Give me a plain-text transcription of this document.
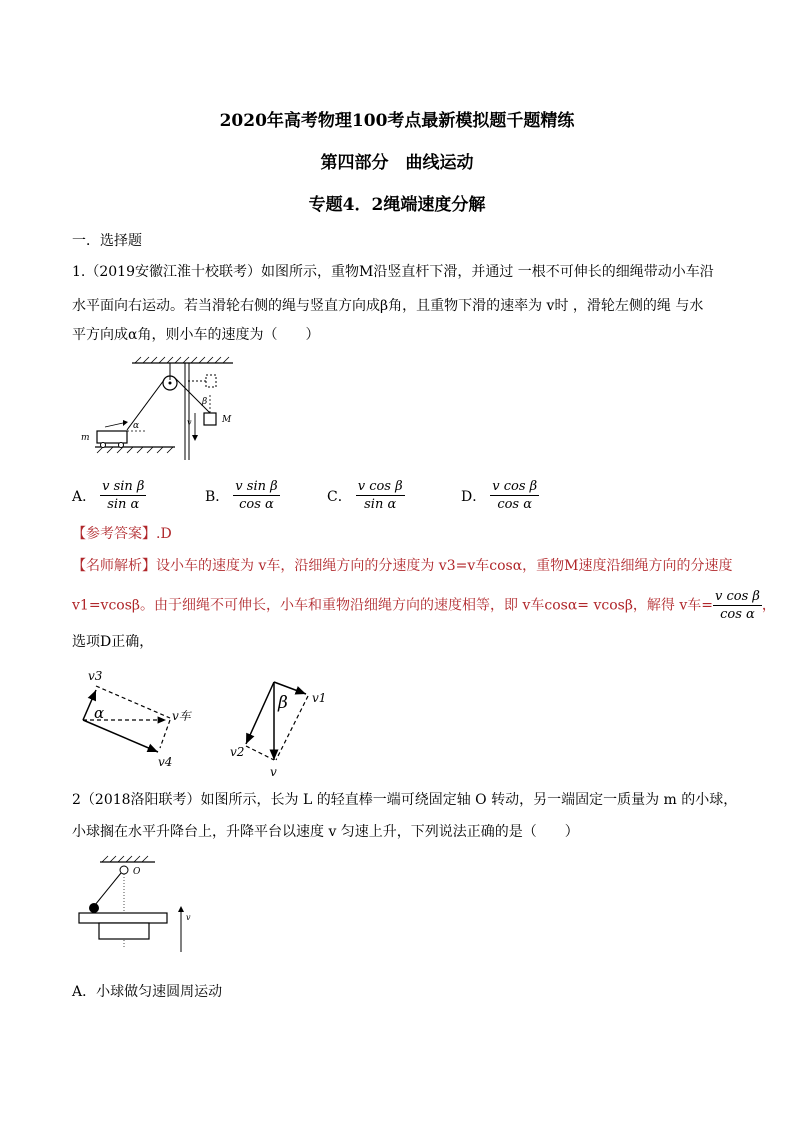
2020年高考物理100考点最新模拟题千题精练
第四部分　曲线运动
专题4．2绳端速度分解
一．选择题
1.（2019安徽江淮十校联考）如图所示，重物M沿竖直杆下滑，并通过 一根不可伸长的细绳带动小车沿
水平面向右运动。若当滑轮右侧的绳与竖直方向成β角，且重物下滑的速率为 v时 ，滑轮左侧的绳 与水
平方向成α角，则小车的速度为（　　）
β
M
v
α
m
A． $\frac{\text{v sin β}}{\text{sin α}}$	B． $\frac{\text{v sin β}}{\text{cos α}}$	C． $\frac{\text{v cos β}}{\text{sin α}}$	D． $\frac{\text{v cos β}}{\text{cos α}}$
【参考答案】.D
【名师解析】设小车的速度为 v车，沿细绳方向的分速度为 v3=v车cosα，重物M速度沿细绳方向的分速度
v1=vcosβ。由于细绳不可伸长，小车和重物沿细绳方向的速度相等，即 v车cosα= vcosβ，解得 v车= $\frac{\text{v cos β}}{\text{cos α}}$ ，
选项D正确，
v3
α	v车
v4
β v1
v2
v
2（2018洛阳联考）如图所示，长为 L 的轻直棒一端可绕固定轴 O 转动，另一端固定一质量为 m 的小球，
小球搁在水平升降台上，升降平台以速度 v 匀速上升，下列说法正确的是（　　）
O
v
A．小球做匀速圆周运动
